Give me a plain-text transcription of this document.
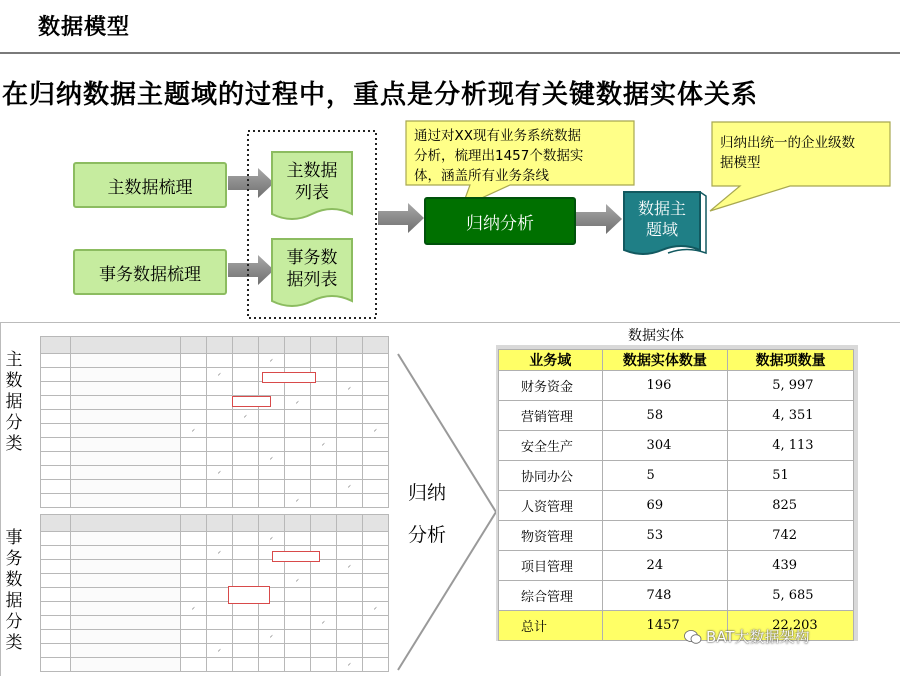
数据模型
在归纳数据主题域的过程中，重点是分析现有关键数据实体关系
主数据梳理
事务数据梳理
主数据
列表
事务数
据列表
归纳分析
数据主
题域
通过对XX现有业务系统数据
分析，梳理出1457个数据实
体，涵盖所有业务条线
归纳出统一的企业级数
据模型
主
数
据
分
类
事
务
数
据
分
类

					✓				
			✓						
								✓	
						✓			
				✓					
		✓							✓
							✓		
					✓				
			✓						
								✓	
						✓			

					✓				
			✓						
								✓	
						✓			

		✓							✓
							✓		
					✓				
			✓						
								✓	

归纳
分析
数据实体
业务域	数据实体数量	数据项数量
财务资金	196	5, 997
营销管理	58	4, 351
安全生产	304	4, 113
协同办公	5	51
人资管理	69	825
物资管理	53	742
项目管理	24	439
综合管理	748	5, 685
总计	1457	22,203
BAT大数据架构
